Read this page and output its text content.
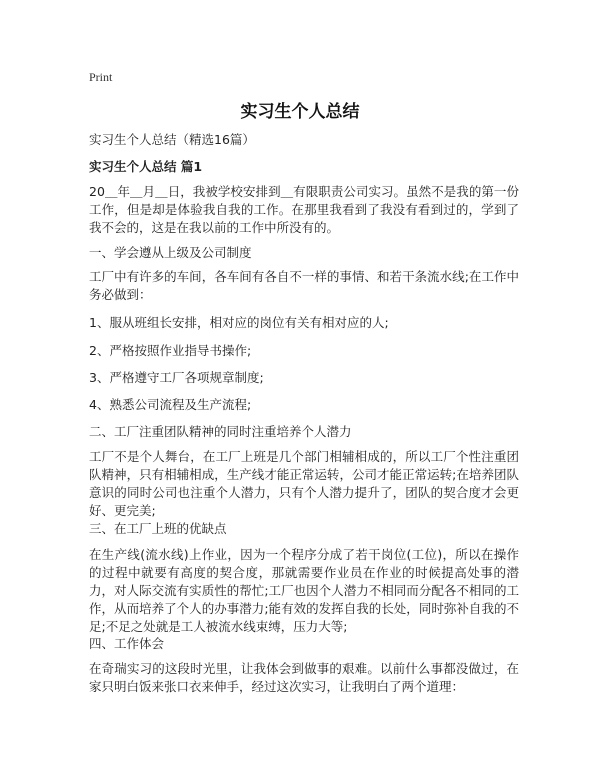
Print
实习生个人总结
实习生个人总结（精选16篇）
实习生个人总结 篇1

20＿年＿月＿日，我被学校安排到＿有限职责公司实习。虽然不是我的第一份工作，但是却是体验我自我的工作。在那里我看到了我没有看到过的，学到了我不会的，这是在我以前的工作中所没有的。

一、学会遵从上级及公司制度

工厂中有许多的车间，各车间有各自不一样的事情、和若干条流水线;在工作中务必做到：

1、服从班组长安排，相对应的岗位有关有相对应的人;

2、严格按照作业指导书操作;

3、严格遵守工厂各项规章制度;

4、熟悉公司流程及生产流程;

二、工厂注重团队精神的同时注重培养个人潜力

工厂不是个人舞台，在工厂上班是几个部门相辅相成的，所以工厂个性注重团队精神，只有相辅相成，生产线才能正常运转，公司才能正常运转;在培养团队意识的同时公司也注重个人潜力，只有个人潜力提升了，团队的契合度才会更好、更完美;

三、在工厂上班的优缺点

在生产线(流水线)上作业，因为一个程序分成了若干岗位(工位)，所以在操作的过程中就要有高度的契合度，那就需要作业员在作业的时候提高处事的潜力，对人际交流有实质性的帮忙;工厂也因个人潜力不相同而分配各不相同的工作，从而培养了个人的办事潜力;能有效的发挥自我的长处，同时弥补自我的不足;不足之处就是工人被流水线束缚，压力大等;

四、工作体会

在奇瑞实习的这段时光里，让我体会到做事的艰难。以前什么事都没做过，在家只明白饭来张口衣来伸手，经过这次实习，让我明白了两个道理：
